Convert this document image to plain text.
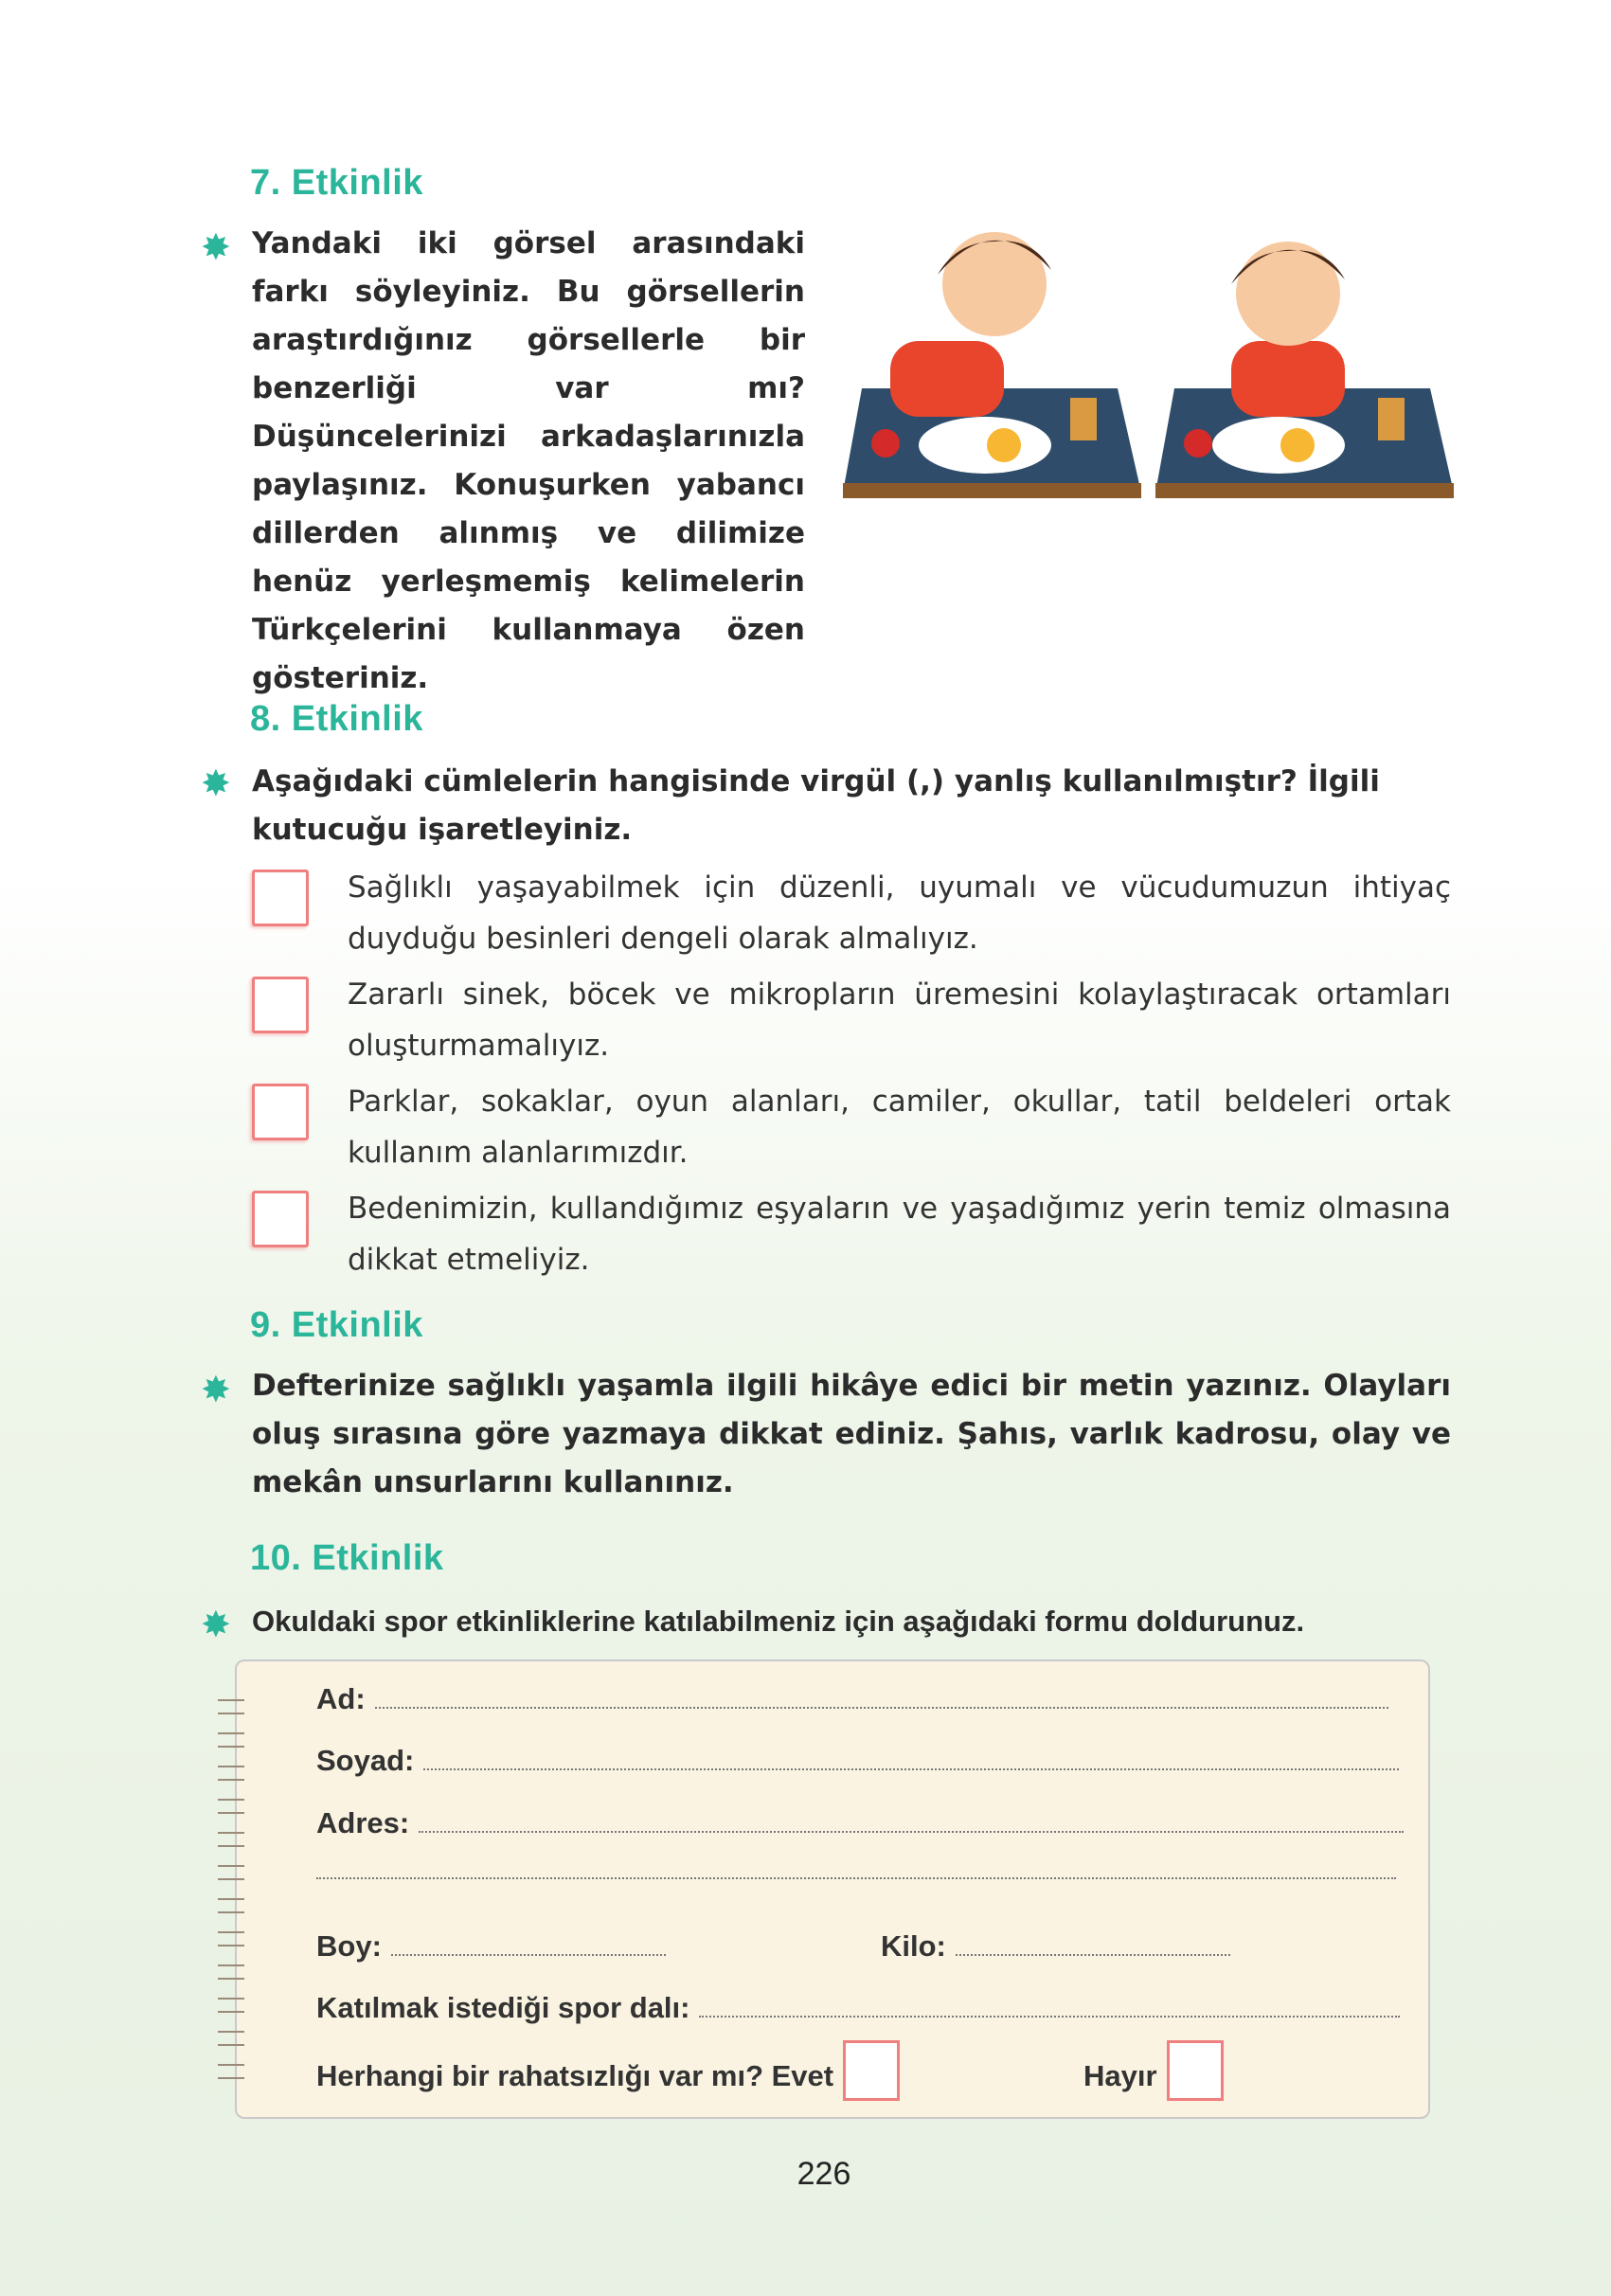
7. Etkinlik
✸ Yandaki iki görsel arasındaki farkı söyleyiniz. Bu görsellerin araştırdığınız görsellerle bir benzerliği var mı? Düşüncelerinizi arkadaşlarınızla paylaşınız. Konuşurken yabancı dillerden alınmış ve dilimize henüz yerleşmemiş kelimelerin Türkçelerini kullanmaya özen gösteriniz.
8. Etkinlik
✸ Aşağıdaki cümlelerin hangisinde virgül (,) yanlış kullanılmıştır? İlgili kutucuğu işaretleyiniz.
Sağlıklı yaşayabilmek için düzenli, uyumalı ve vücudumuzun ihtiyaç duyduğu besinleri dengeli olarak almalıyız.
Zararlı sinek, böcek ve mikropların üremesini kolaylaştıracak ortamları oluşturmamalıyız.
Parklar, sokaklar, oyun alanları, camiler, okullar, tatil beldeleri ortak kullanım alanlarımızdır.
Bedenimizin, kullandığımız eşyaların ve yaşadığımız yerin temiz olmasına dikkat etmeliyiz.
9. Etkinlik
✸ Defterinize sağlıklı yaşamla ilgili hikâye edici bir metin yazınız. Olayları oluş sırasına göre yazmaya dikkat ediniz. Şahıs, varlık kadrosu, olay ve mekân unsurlarını kullanınız.
10. Etkinlik
✸ Okuldaki spor etkinliklerine katılabilmeniz için aşağıdaki formu doldurunuz.
Ad:
Soyad:
Adres:
Boy:	Kilo:
Katılmak istediği spor dalı:
Herhangi bir rahatsızlığı var mı? Evet	Hayır
226
